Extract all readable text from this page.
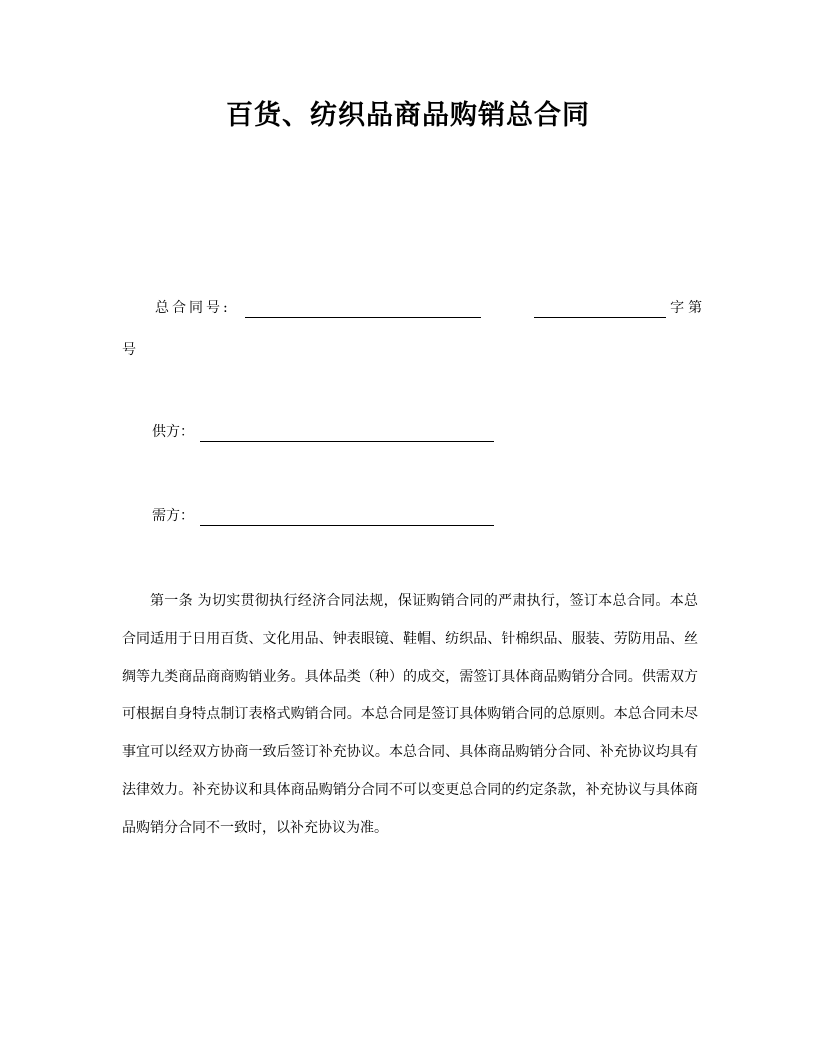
百货、纺织品商品购销总合同
总合同号:	字第
号
供方：
需方：

第一条 为切实贯彻执行经济合同法规，保证购销合同的严肃执行，签订本总合同。本总合同适用于日用百货、文化用品、钟表眼镜、鞋帽、纺织品、针棉织品、服装、劳防用品、丝绸等九类商品商商购销业务。具体品类（种）的成交，需签订具体商品购销分合同。供需双方可根据自身特点制订表格式购销合同。本总合同是签订具体购销合同的总原则。本总合同未尽事宜可以经双方协商一致后签订补充协议。本总合同、具体商品购销分合同、补充协议均具有法律效力。补充协议和具体商品购销分合同不可以变更总合同的约定条款，补充协议与具体商品购销分合同不一致时，以补充协议为准。
